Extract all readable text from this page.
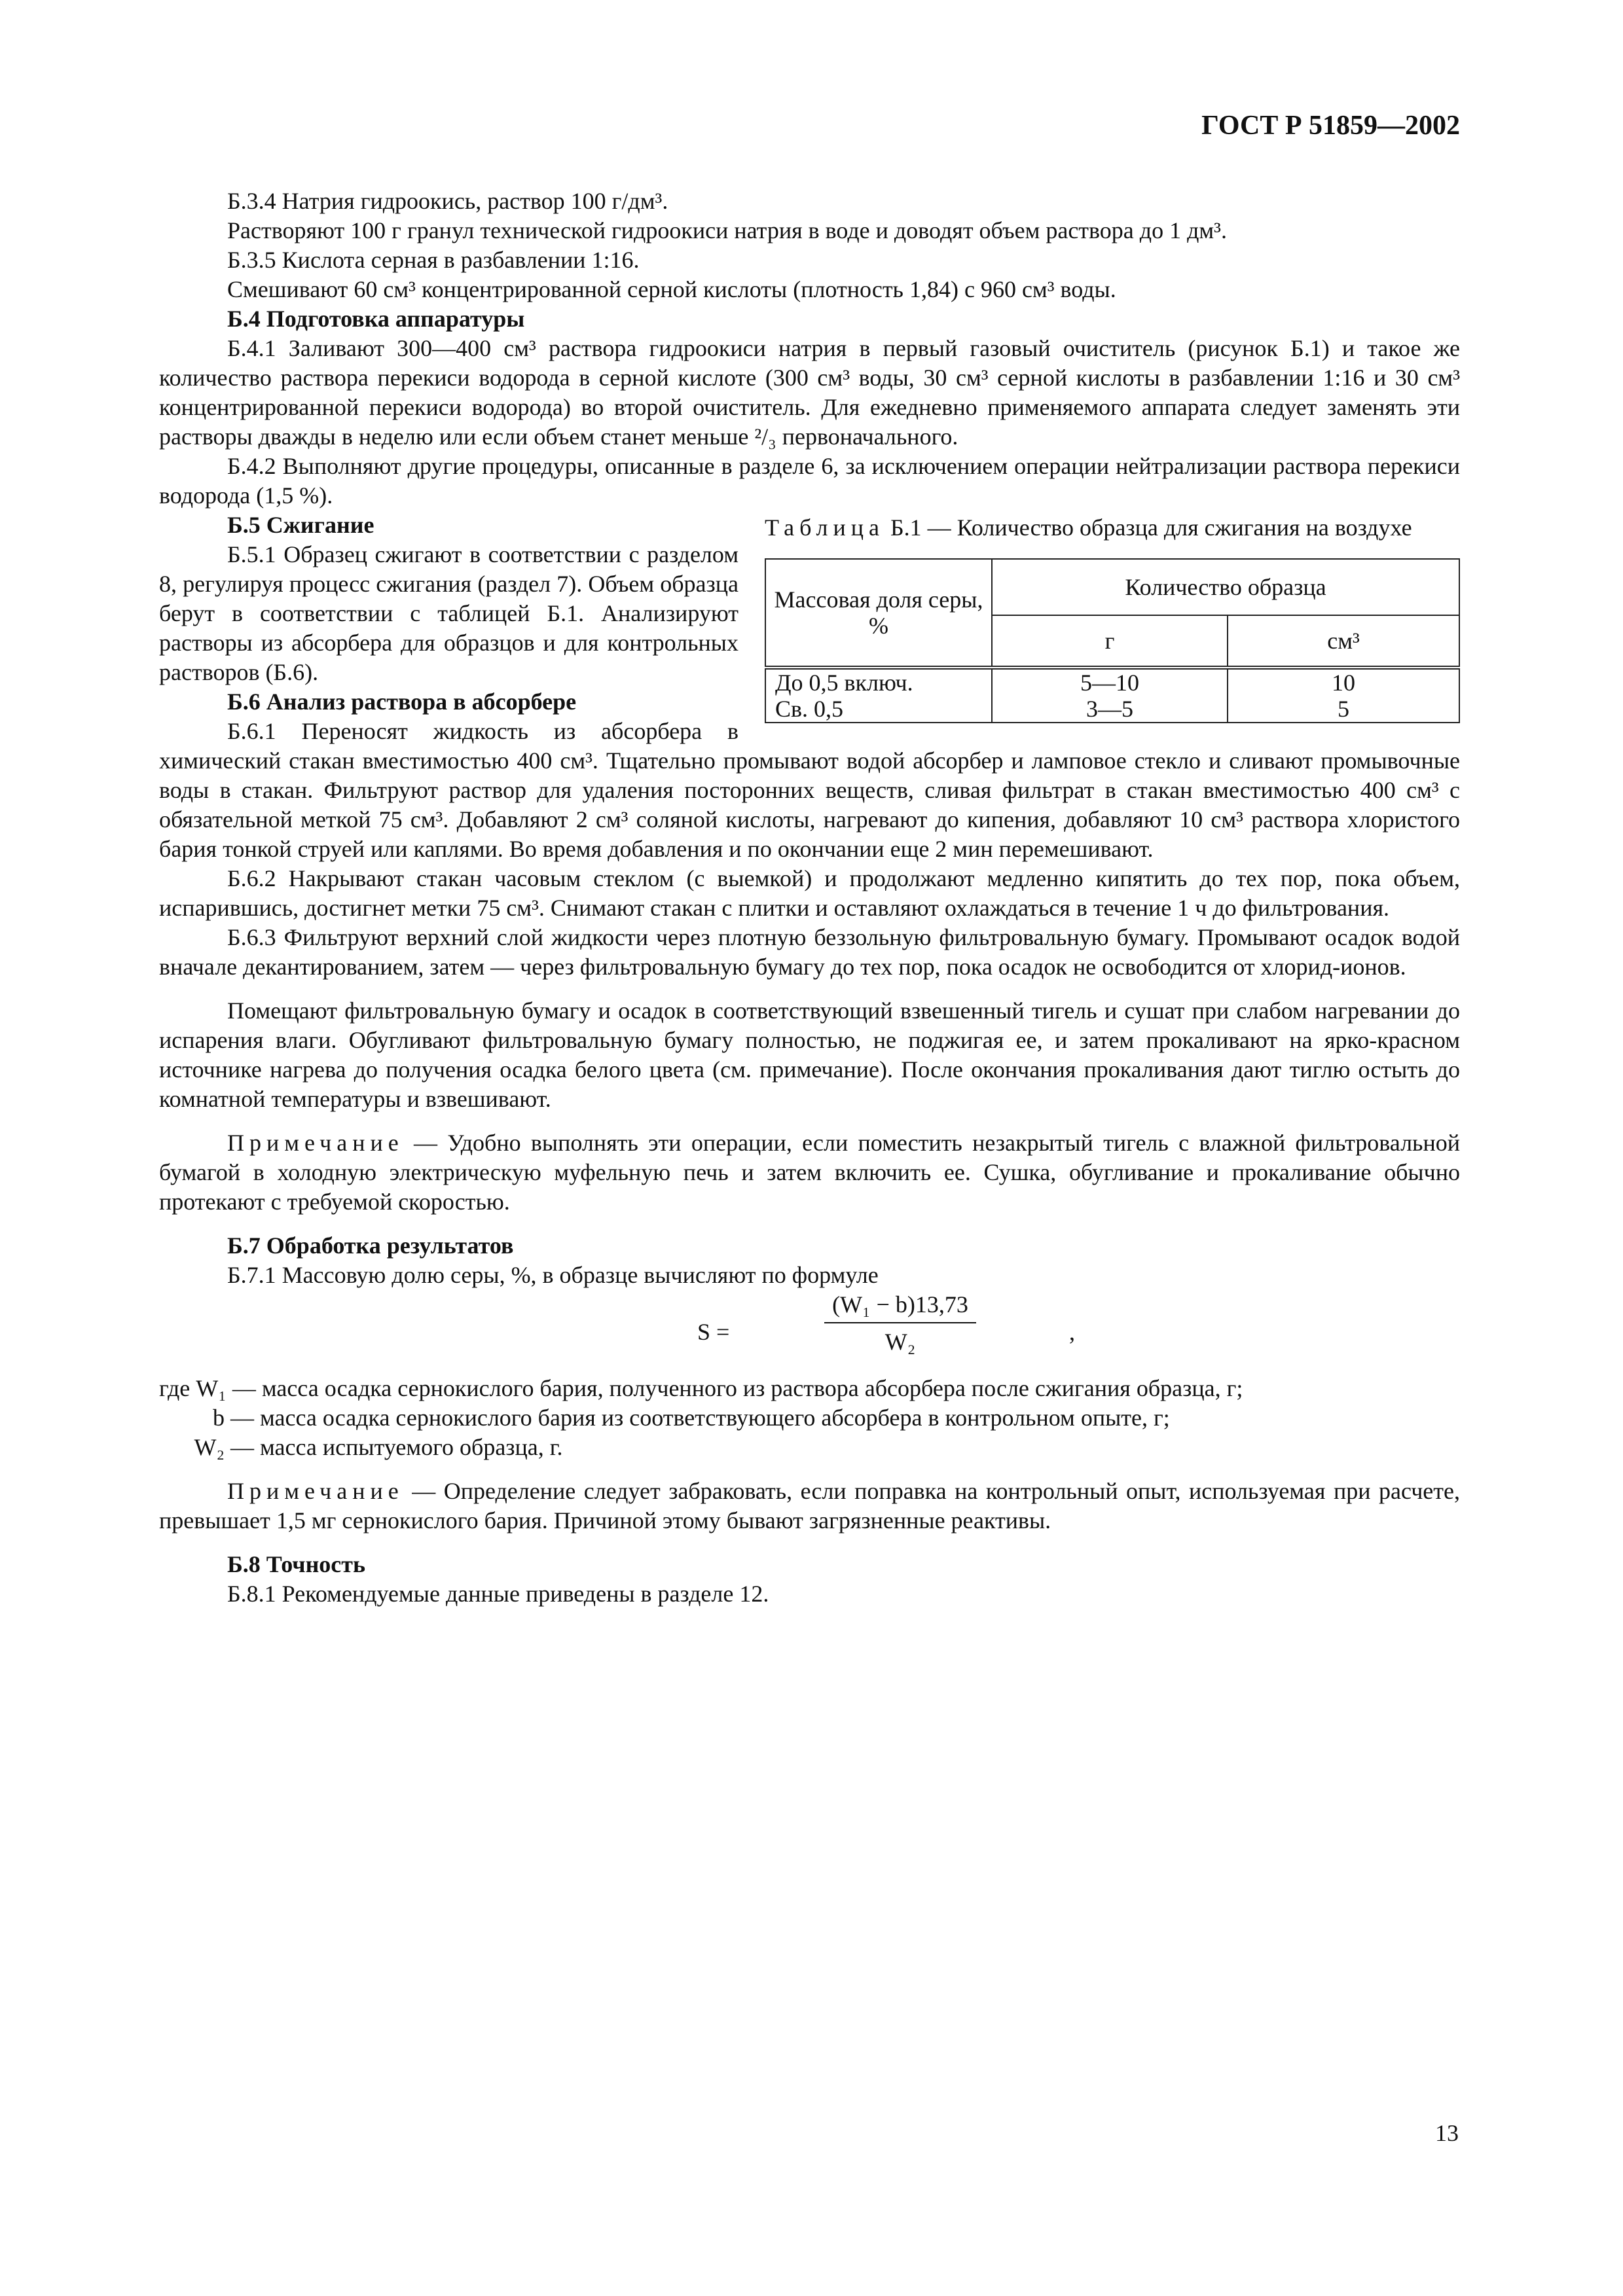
ГОСТ Р 51859—2002

Б.3.4 Натрия гидроокись, раствор 100 г/дм³.

Растворяют 100 г гранул технической гидроокиси натрия в воде и доводят объем раствора до 1 дм³.

Б.3.5 Кислота серная в разбавлении 1:16.

Смешивают 60 см³ концентрированной серной кислоты (плотность 1,84) с 960 см³ воды.

Б.4 Подготовка аппаратуры

Б.4.1 Заливают 300—400 см³ раствора гидроокиси натрия в первый газовый очиститель (рисунок Б.1) и такое же количество раствора перекиси водорода в серной кислоте (300 см³ воды, 30 см³ серной кислоты в разбавлении 1:16 и 30 см³ концентрированной перекиси водорода) во второй очиститель. Для ежедневно применяемого аппарата следует заменять эти растворы дважды в неделю или если объем станет меньше ²/₃ первоначального.

Б.4.2 Выполняют другие процедуры, описанные в разделе 6, за исключением операции нейтрализации раствора перекиси водорода (1,5 %).

Таблица Б.1 — Количество образца для сжигания на воздухе

Массовая доля серы, %	Количество образца	
	г	см³
До 0,5 включ.	5—10	10
Св. 0,5	3—5	5

Б.5 Сжигание

Б.5.1 Образец сжигают в соответствии с разделом 8, регулируя процесс сжигания (раздел 7). Объем образца берут в соответствии с таблицей Б.1. Анализируют растворы из абсорбера для образцов и для контрольных растворов (Б.6).

Б.6 Анализ раствора в абсорбере

Б.6.1 Переносят жидкость из абсорбера в химический стакан вместимостью 400 см³. Тщательно промывают водой абсорбер и ламповое стекло и сливают промывочные воды в стакан. Фильтруют раствор для удаления посторонних веществ, сливая фильтрат в стакан вместимостью 400 см³ с обязательной меткой 75 см³. Добавляют 2 см³ соляной кислоты, нагревают до кипения, добавляют 10 см³ раствора хлористого бария тонкой струей или каплями. Во время добавления и по окончании еще 2 мин перемешивают.

Б.6.2 Накрывают стакан часовым стеклом (с выемкой) и продолжают медленно кипятить до тех пор, пока объем, испарившись, достигнет метки 75 см³. Снимают стакан с плитки и оставляют охлаждаться в течение 1 ч до фильтрования.

Б.6.3 Фильтруют верхний слой жидкости через плотную беззольную фильтровальную бумагу. Промывают осадок водой вначале декантированием, затем — через фильтровальную бумагу до тех пор, пока осадок не освободится от хлорид-ионов.

Помещают фильтровальную бумагу и осадок в соответствующий взвешенный тигель и сушат при слабом нагревании до испарения влаги. Обугливают фильтровальную бумагу полностью, не поджигая ее, и затем прокаливают на ярко-красном источнике нагрева до получения осадка белого цвета (см. примечание). После окончания прокаливания дают тиглю остыть до комнатной температуры и взвешивают.

Примечание — Удобно выполнять эти операции, если поместить незакрытый тигель с влажной фильтровальной бумагой в холодную электрическую муфельную печь и затем включить ее. Сушка, обугливание и прокаливание обычно протекают с требуемой скоростью.

Б.7 Обработка результатов

Б.7.1 Массовую долю серы, %, в образце вычисляют по формуле

S =
(W₁ − b)13,73
W₂	,

где W₁ — масса осадка сернокислого бария, полученного из раствора абсорбера после сжигания образца, г;

b — масса осадка сернокислого бария из соответствующего абсорбера в контрольном опыте, г;

W₂ — масса испытуемого образца, г.

Примечание — Определение следует забраковать, если поправка на контрольный опыт, используемая при расчете, превышает 1,5 мг сернокислого бария. Причиной этому бывают загрязненные реактивы.

Б.8 Точность

Б.8.1 Рекомендуемые данные приведены в разделе 12.

13
